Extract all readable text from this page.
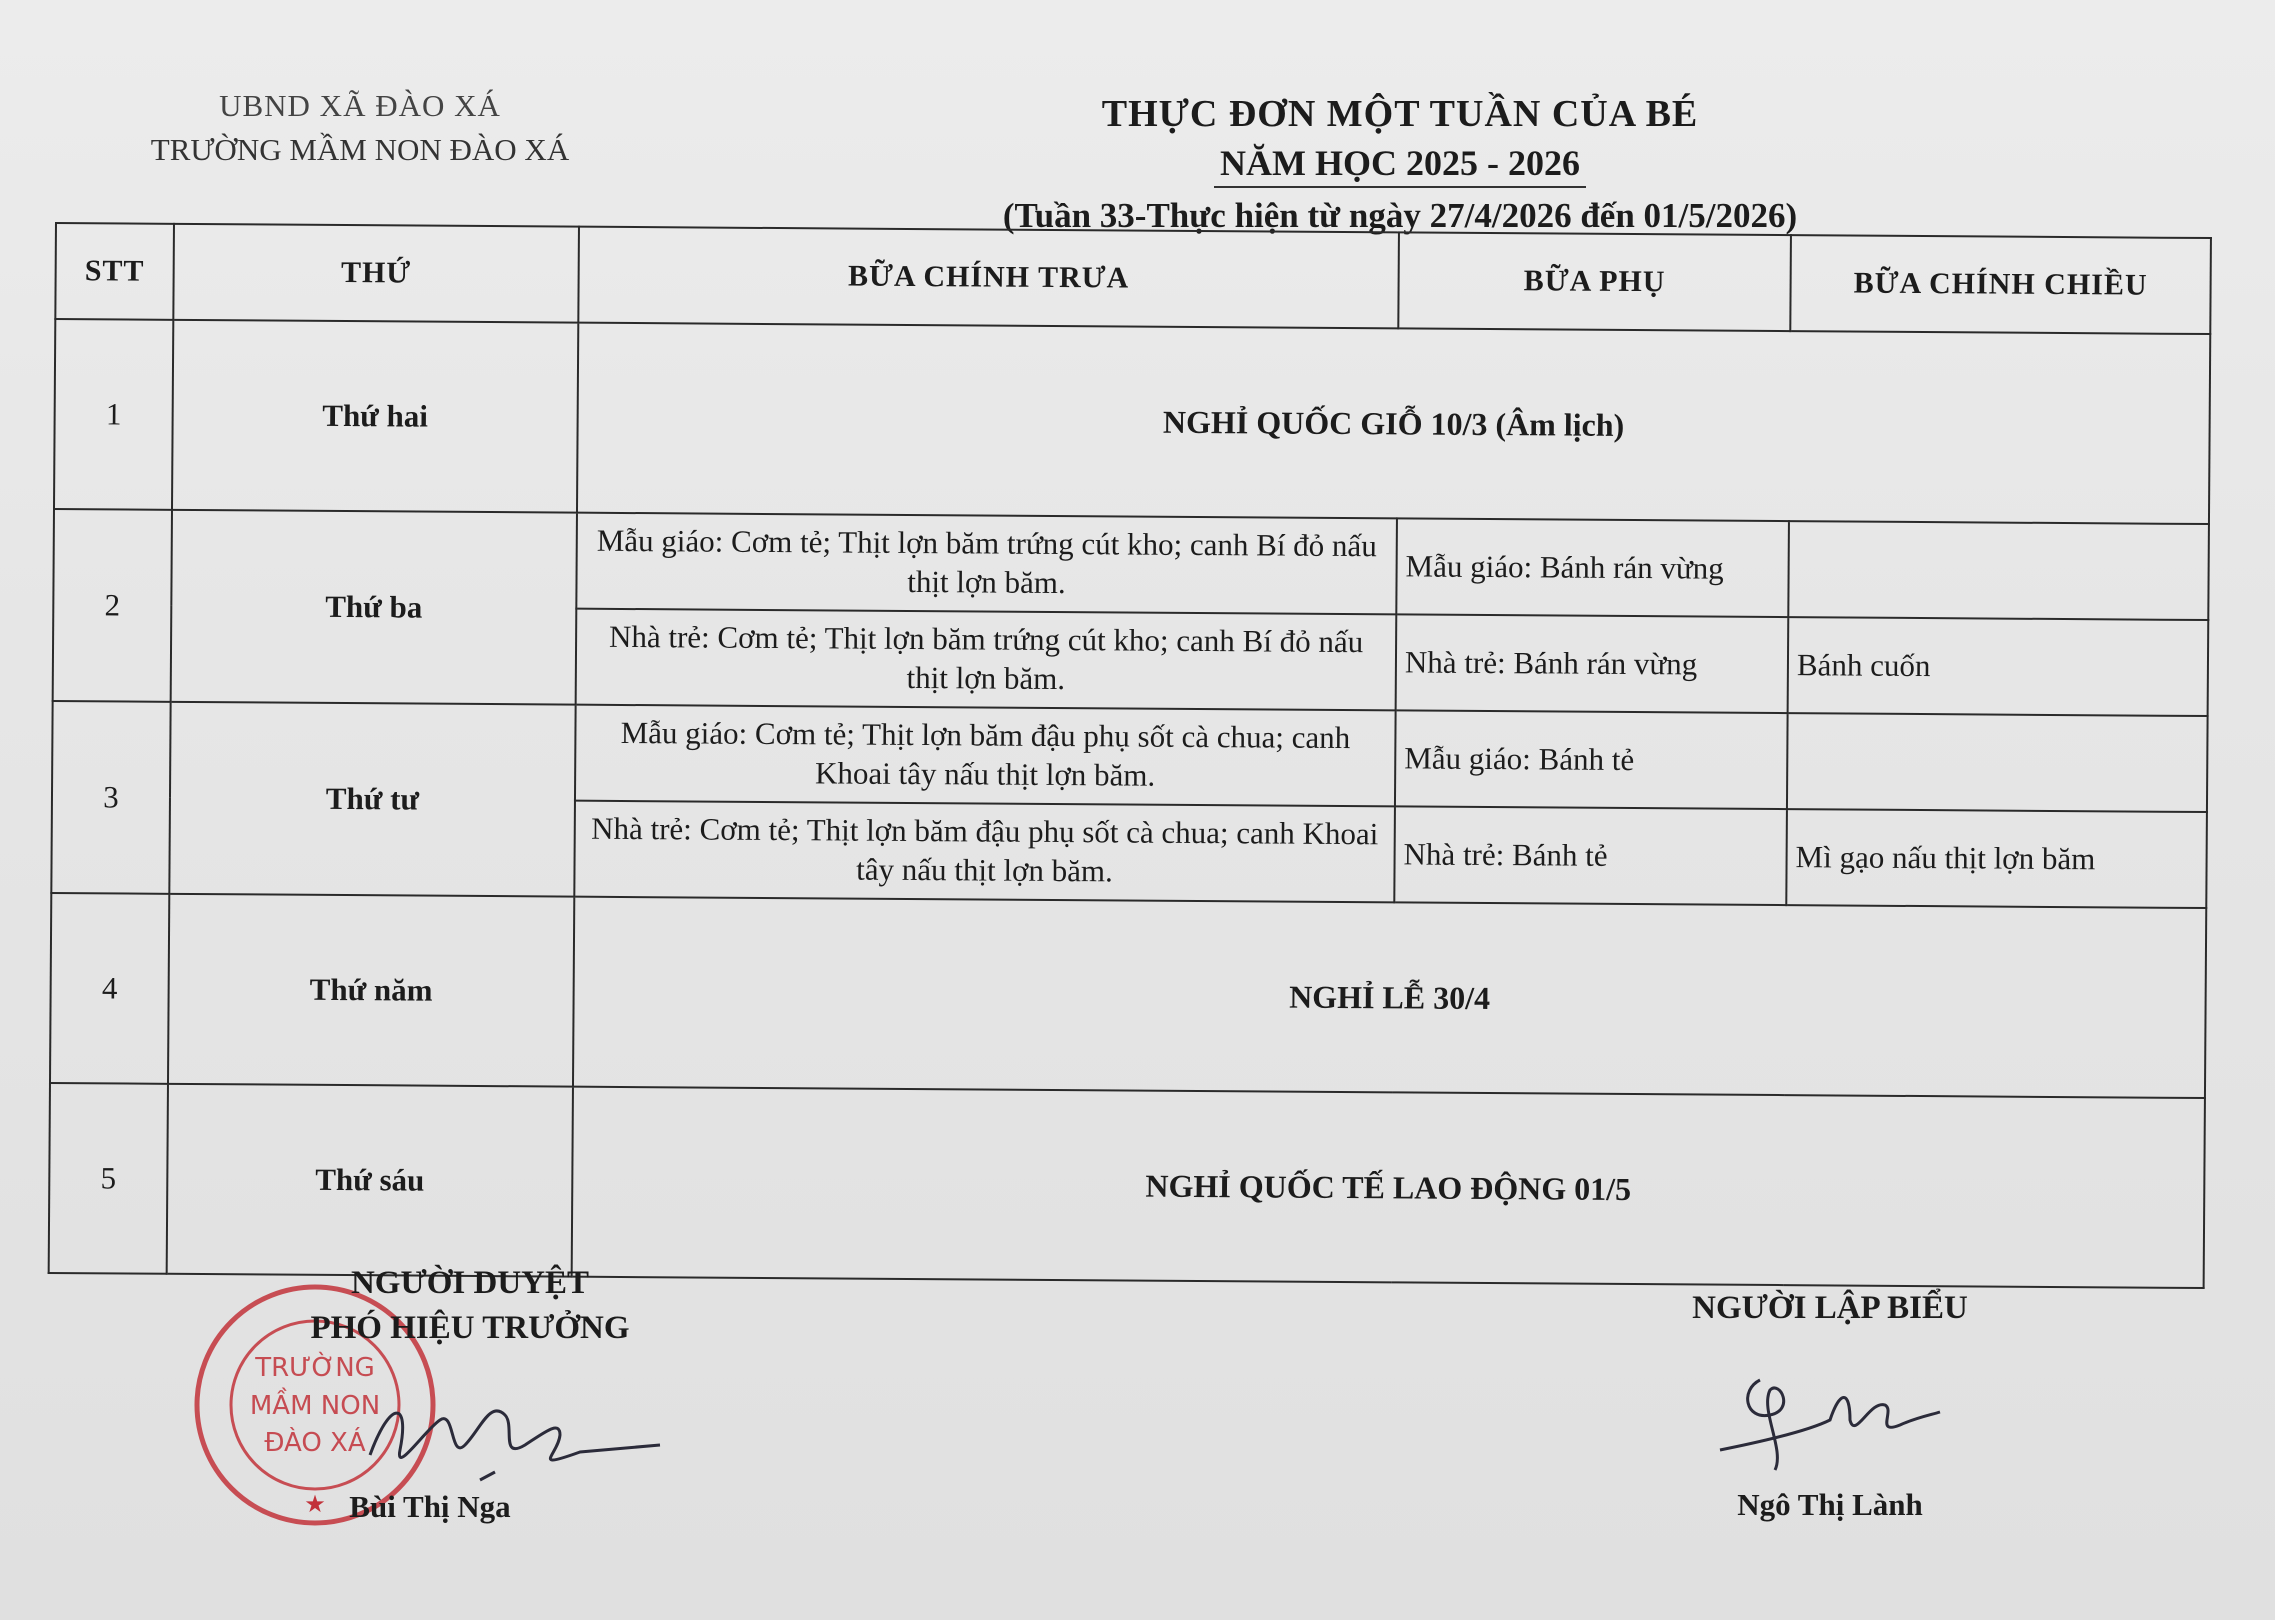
UBND XÃ ĐÀO XÁ
TRƯỜNG MẦM NON ĐÀO XÁ
THỰC ĐƠN MỘT TUẦN CỦA BÉ
NĂM HỌC 2025 - 2026
(Tuần 33-Thực hiện từ ngày 27/4/2026 đến 01/5/2026)
STT	THỨ	BỮA CHÍNH TRƯA	BỮA PHỤ	BỮA CHÍNH CHIỀU
1	Thứ hai	NGHỈ QUỐC GIỖ 10/3 (Âm lịch)		
2	Thứ ba	Mẫu giáo: Cơm tẻ; Thịt lợn băm trứng cút kho; canh Bí đỏ nấu thịt lợn băm.	Mẫu giáo: Bánh rán vừng	
		Nhà trẻ: Cơm tẻ; Thịt lợn băm trứng cút kho; canh Bí đỏ nấu thịt lợn băm.	Nhà trẻ: Bánh rán vừng	Bánh cuốn
3	Thứ tư	Mẫu giáo: Cơm tẻ; Thịt lợn băm đậu phụ sốt cà chua; canh Khoai tây nấu thịt lợn băm.	Mẫu giáo: Bánh tẻ	
		Nhà trẻ: Cơm tẻ; Thịt lợn băm đậu phụ sốt cà chua; canh Khoai tây nấu thịt lợn băm.	Nhà trẻ: Bánh tẻ	Mì gạo nấu thịt lợn băm
4	Thứ năm	NGHỈ LỄ 30/4		
5	Thứ sáu	NGHỈ QUỐC TẾ LAO ĐỘNG 01/5		
★
TRƯỜNG
MẦM NON
ĐÀO XÁ
NGƯỜI DUYỆT
PHÓ HIỆU TRƯỞNG
Bùi Thị Nga
NGƯỜI LẬP BIỂU
Ngô Thị Lành
